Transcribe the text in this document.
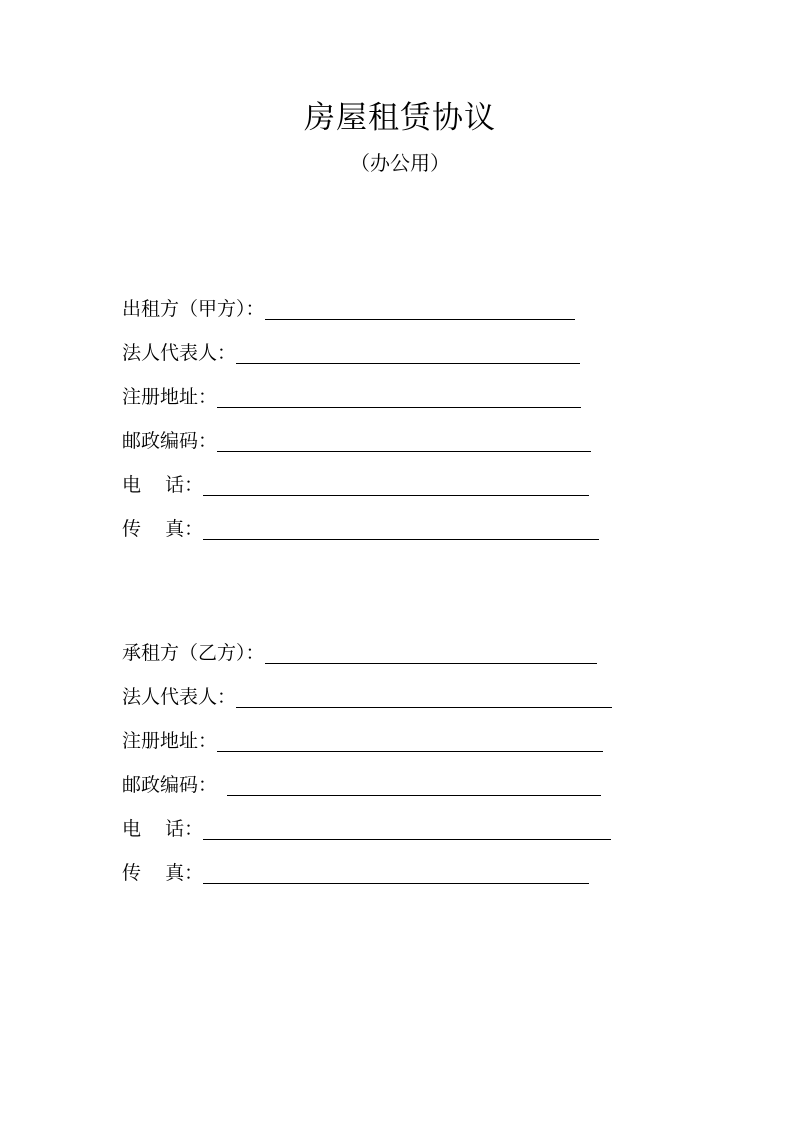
房屋租赁协议
（办公用）
出租方（甲方）：
法人代表人：
注册地址：
邮政编码：
电    话：
传    真：
承租方（乙方）：
法人代表人：
注册地址：
邮政编码：
电    话：
传    真：
